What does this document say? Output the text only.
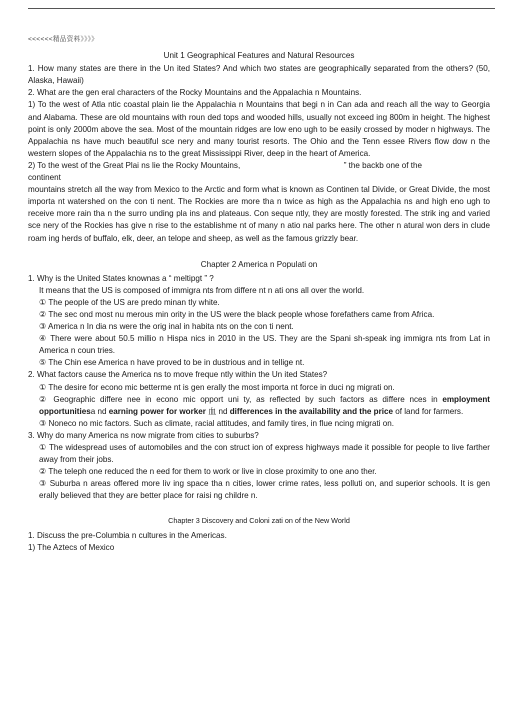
<<<<<<精品资料》》》》
Unit 1 Geographical Features and Natural Resources

1. How many states are there in the Un ited States? And which two states are geographically separated from the others? (50, Alaska, Hawaii)

2. What are the gen eral characters of the Rocky Mountains and the Appalachia n Mountains.

1) To the west of Atla ntic coastal plain lie the Appalachia n Mountains that begi n in Can ada and reach all the way to Georgia and Alabama. These are old mountains with roun ded tops and wooded hills, usually not exceed ing 800m in height. The highest point is only 2000m above the sea. Most of the mountain ridges are low eno ugh to be easily crossed by moder n highways. The Appalachia ns have much beautiful sce nery and many tourist resorts. The Ohio and the Tenn essee Rivers flow dow n the western slopes of the Appalachia ns to the great Mississippi River, deep in the heart of America.

2) To the west of the Great Plai ns lie the Rocky Mountains,	” the backb one of the

continent

mountains stretch all the way from Mexico to the Arctic and form what is known as Continen tal Divide, or Great Divide, the most importa nt watershed on the con ti nent. The Rockies are more tha n twice as high as the Appalachia ns and high eno ugh to receive more rain tha n the surro unding pla ins and plateaus. Con seque ntly, they are mostly forested. The strik ing and varied sce nery of the Rockies has give n rise to the establishme nt of many n atio nal parks here. The other n atural won ders in clude roam ing herds of buffalo, elk, deer, an telope and sheep, as well as the famous grizzly bear.

Chapter 2 America n Populati on

1. Why is the United States knownas a “ meltipgt ” ?

It means that the US is composed of immigra nts from differe nt n ati ons all over the world.

① The people of the US are predo minan tly white.

② The sec ond most nu merous min ority in the US were the black people whose forefathers came from Africa.

③ America n In dia ns were the orig inal in habita nts on the con ti nent.

④ There were about 50.5 millio n Hispa nics in 2010 in the US. They are the Spani sh-speak ing immigra nts from Lat in America n coun tries.

⑤ The Chin ese America n have proved to be in dustrious and in tellige nt.

2. What factors cause the America ns to move freque ntly within the Un ited States?

① The desire for econo mic betterme nt is gen erally the most importa nt force in duci ng migrati on.

② Geographic differe nee in econo mic opport uni ty, as reflected by such factors as differe nces in employment opportunitiesa nd earning power for worker 血 nd differences in the availability and the price of land for farmers.

③ Noneco no mic factors. Such as climate, racial attitudes, and family tires, in flue ncing migrati on.

3. Why do many America ns now migrate from cities to suburbs?

① The widespread uses of automobiles and the con struct ion of express highways made it possible for people to live farther away from their jobs.

② The teleph one reduced the n eed for them to work or live in close proximity to one ano ther.

③ Suburba n areas offered more liv ing space tha n cities, lower crime rates, less polluti on, and superior schools. It is gen erally believed that they are better place for raisi ng childre n.

Chapter 3 Discovery and Coloni zati on of the New World

1. Discuss the pre-Columbia n cultures in the Americas.

1) The Aztecs of Mexico
